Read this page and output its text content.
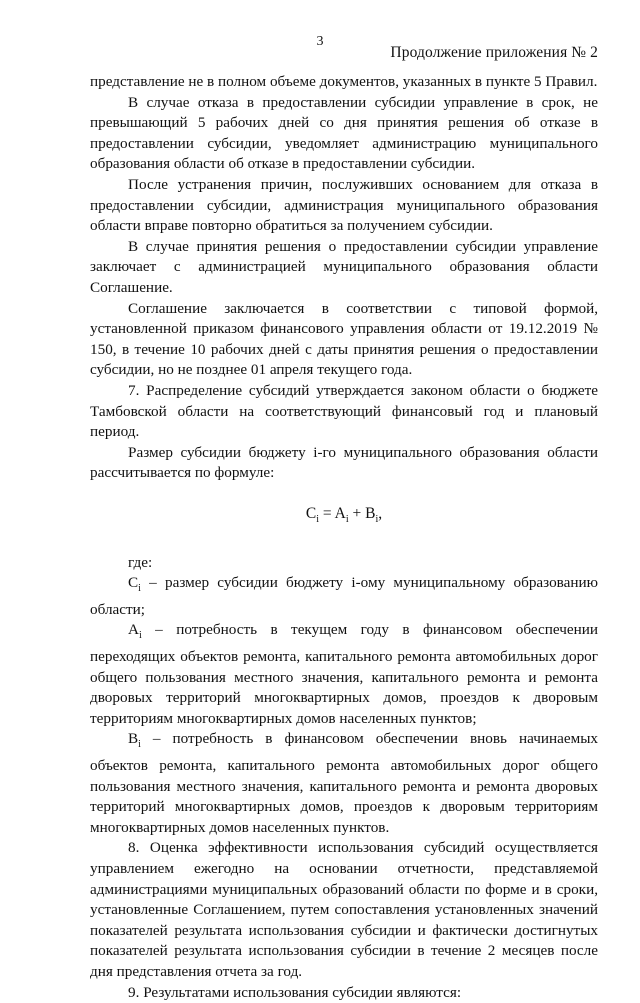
3
Продолжение приложения № 2

представление не в полном объеме документов, указанных в пункте 5 Правил.

В случае отказа в предоставлении субсидии управление в срок, не превышающий 5 рабочих дней со дня принятия решения об отказе в предоставлении субсидии, уведомляет администрацию муниципального образования области об отказе в предоставлении субсидии.

После устранения причин, послуживших основанием для отказа в предоставлении субсидии, администрация муниципального образования области вправе повторно обратиться за получением субсидии.

В случае принятия решения о предоставлении субсидии управление заключает с администрацией муниципального образования области Соглашение.

Соглашение заключается в соответствии с типовой формой, установленной приказом финансового управления области от 19.12.2019 № 150, в течение 10 рабочих дней с даты принятия решения о предоставлении субсидии, но не позднее 01 апреля текущего года.

7. Распределение субсидий утверждается законом области о бюджете Тамбовской области на соответствующий финансовый год и плановый период.

Размер субсидии бюджету i-го муниципального образования области рассчитывается по формуле:

$C_i = A_i + B_i$,

где:

$C_i$ – размер субсидии бюджету i-ому муниципальному образованию области;

$A_i$ – потребность в текущем году в финансовом обеспечении переходящих объектов ремонта, капитального ремонта автомобильных дорог общего пользования местного значения, капитального ремонта и ремонта дворовых территорий многоквартирных домов, проездов к дворовым территориям многоквартирных домов населенных пунктов;

$B_i$ – потребность в финансовом обеспечении вновь начинаемых объектов ремонта, капитального ремонта автомобильных дорог общего пользования местного значения, капитального ремонта и ремонта дворовых территорий многоквартирных домов, проездов к дворовым территориям многоквартирных домов населенных пунктов.

8. Оценка эффективности использования субсидий осуществляется управлением ежегодно на основании отчетности, представляемой администрациями муниципальных образований области по форме и в сроки, установленные Соглашением, путем сопоставления установленных значений показателей результата использования субсидии и фактически достигнутых показателей результата использования субсидии в течение 2 месяцев после дня представления отчета за год.

9. Результатами использования субсидии являются:
